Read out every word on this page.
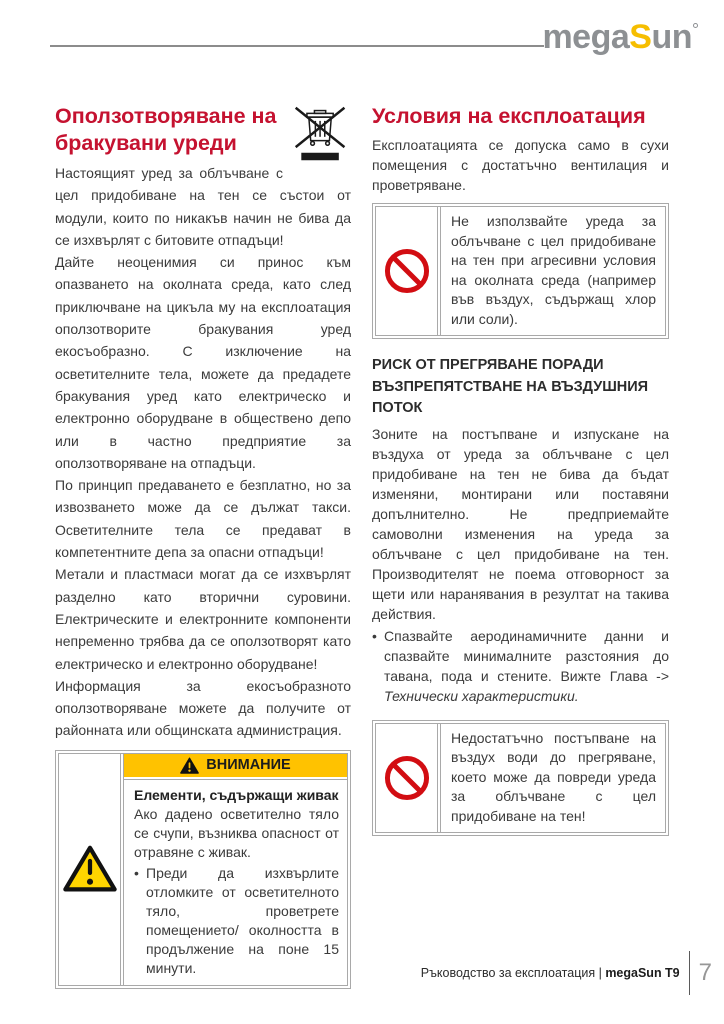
megaSun
Оползотворяване на бракувани уреди

Настоящият уред за облъчване с цел придобиване на тен се състои от модули, които по никакъв начин не бива да се изхвърлят с битовите отпадъци!

Дайте неоценимия си принос към опазването на околната среда, като след приключване на цикъла му на експлоатация оползотворите бракувания уред екосъобразно. С изключение на осветителните тела, можете да предадете бракувания уред като електрическо и електронно оборудване в обществено депо или в частно предприятие за оползотворяване на отпадъци.

По принцип предаването е безплатно, но за извозването може да се дължат такси. Осветителните тела се предават в компетентните депа за опасни отпадъци!

Метали и пластмаси могат да се изхвърлят разделно като вторични суровини. Електрическите и електронните компоненти непременно трябва да се оползотворят като електрическо и електронно оборудване!

Информация за екосъобразното оползотворяване можете да получите от районната или общинската администрация.

ВНИМАНИЕ
Елементи, съдържащи живак
Ако дадено осветително тяло се счупи, възниква опасност от отравяне с живак.
• Преди да изхвърлите отломките от осветителното тяло, проветрете помещението/ околността в продължение на поне 15 минути.
Условия на експлоатация

Експлоатацията се допуска само в сухи помещения с достатъчно вентилация и проветряване.

Не използвайте уреда за облъчване с цел придобиване на тен при агресивни условия на околната среда (например във въздух, съдържащ хлор или соли).
РИСК ОТ ПРЕГРЯВАНЕ ПОРАДИ ВЪЗПРЕПЯТСТВАНЕ НА ВЪЗДУШНИЯ ПОТОК

Зоните на постъпване и изпускане на въздуха от уреда за облъчване с цел придобиване на тен не бива да бъдат изменяни, монтирани или поставяни допълнително. Не предприемайте самоволни изменения на уреда за облъчване с цел придобиване на тен. Производителят не поема отговорност за щети или наранявания в резултат на такива действия.

• Спазвайте аеродинамичните данни и спазвайте минималните разстояния до тавана, пода и стените. Вижте Глава -> Технически характеристики.
Недостатъчно постъпване на въздух води до прегряване, което може да повреди уреда за облъчване с цел придобиване на тен!
Ръководство за експлоатация | megaSun T9 7
